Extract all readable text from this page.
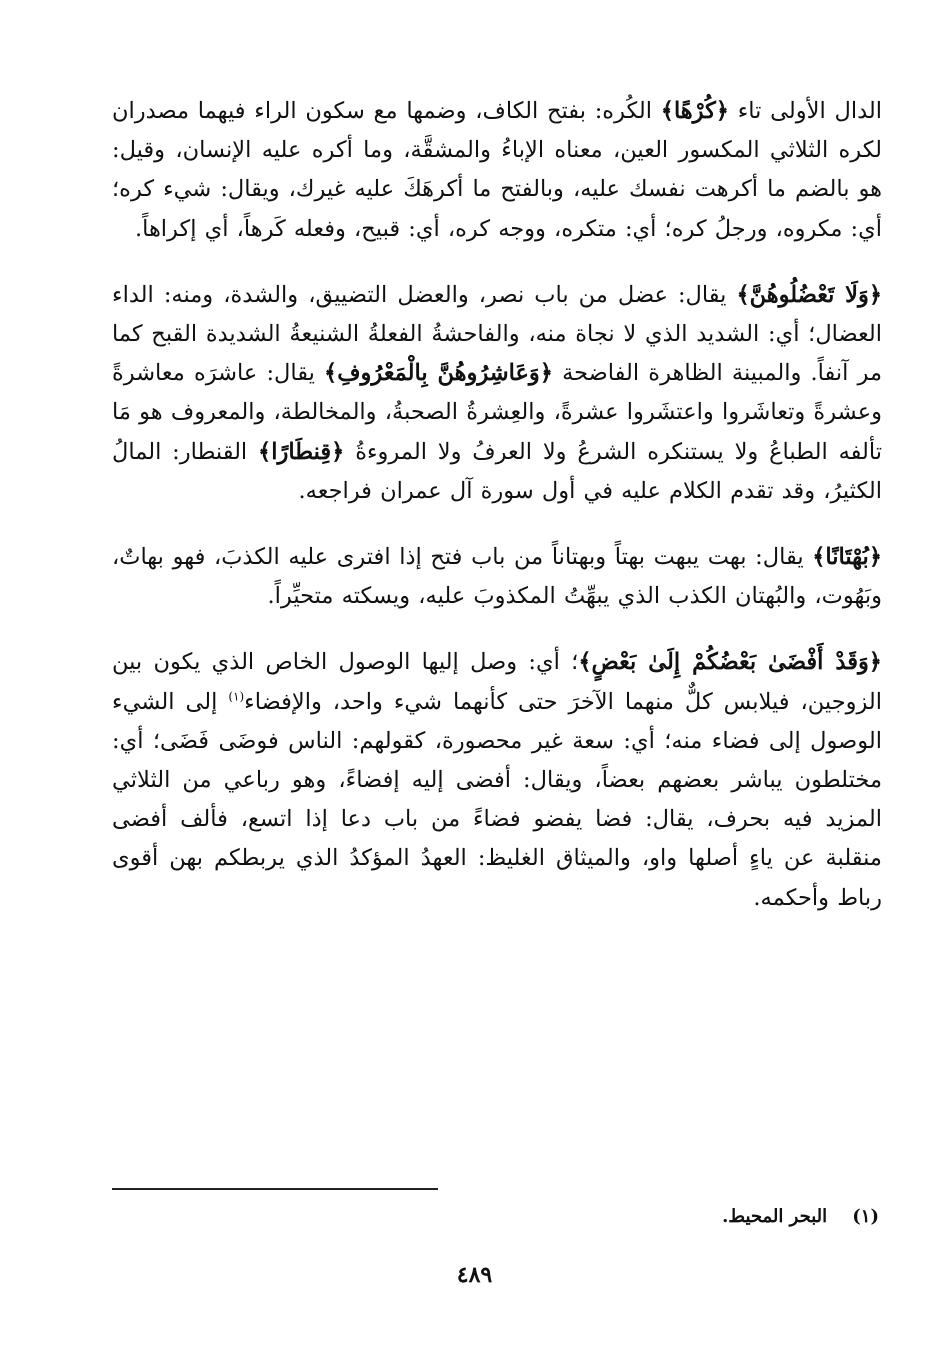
الدال الأولى تاء ﴿كُرْهًا﴾ الكُره: بفتح الكاف، وضمها مع سكون الراء فيهما مصدران لكره الثلاثي المكسور العين، معناه الإباءُ والمشقَّة، وما أكره عليه الإنسان، وقيل: هو بالضم ما أكرهت نفسك عليه، وبالفتح ما أكرهَكَ عليه غيرك، ويقال: شيء كره؛ أي: مكروه، ورجلُ كره؛ أي: متكره، ووجه كره، أي: قبيح، وفعله كَرهاً، أي إكراهاً.

﴿وَلَا تَعْضُلُوهُنَّ﴾ يقال: عضل من باب نصر، والعضل التضييق، والشدة، ومنه: الداء العضال؛ أي: الشديد الذي لا نجاة منه، والفاحشةُ الفعلةُ الشنيعةُ الشديدة القبح كما مر آنفاً. والمبينة الظاهرة الفاضحة ﴿وَعَاشِرُوهُنَّ بِالْمَعْرُوفِ﴾ يقال: عاشرَه معاشرةً وعشرةً وتعاشَروا واعتشَروا عشرةً، والعِشرةُ الصحبةُ، والمخالطة، والمعروف هو مَا تألفه الطباعُ ولا يستنكره الشرعُ ولا العرفُ ولا المروءةُ ﴿قِنطَارًا﴾ القنطار: المالُ الكثيرُ، وقد تقدم الكلام عليه في أول سورة آل عمران فراجعه.

﴿بُهْتَانًا﴾ يقال: بهت يبهت بهتاً وبهتاناً من باب فتح إذا افترى عليه الكذبَ، فهو بهاتٌ، وبَهُوت، والبُهتان الكذب الذي يبهِّتُ المكذوبَ عليه، ويسكته متحيِّراً.

﴿وَقَدْ أَفْضَىٰ بَعْضُكُمْ إِلَىٰ بَعْضٍ﴾؛ أي: وصل إليها الوصول الخاص الذي يكون بين الزوجين، فيلابس كلٌّ منهما الآخرَ حتى كأنهما شيء واحد، والإفضاء$^{(١)}$ إلى الشيء الوصول إلى فضاء منه؛ أي: سعة غير محصورة، كقولهم: الناس فوضَى فَضَى؛ أي: مختلطون يباشر بعضهم بعضاً، ويقال: أفضى إليه إفضاءً، وهو رباعي من الثلاثي المزيد فيه بحرف، يقال: فضا يفضو فضاءً من باب دعا إذا اتسع، فألف أفضى منقلبة عن ياءٍ أصلها واو، والميثاق الغليظ: العهدُ المؤكدُ الذي يربطكم بهن أقوى رباط وأحكمه.

(١)    البحر المحيط.
٤٨٩
